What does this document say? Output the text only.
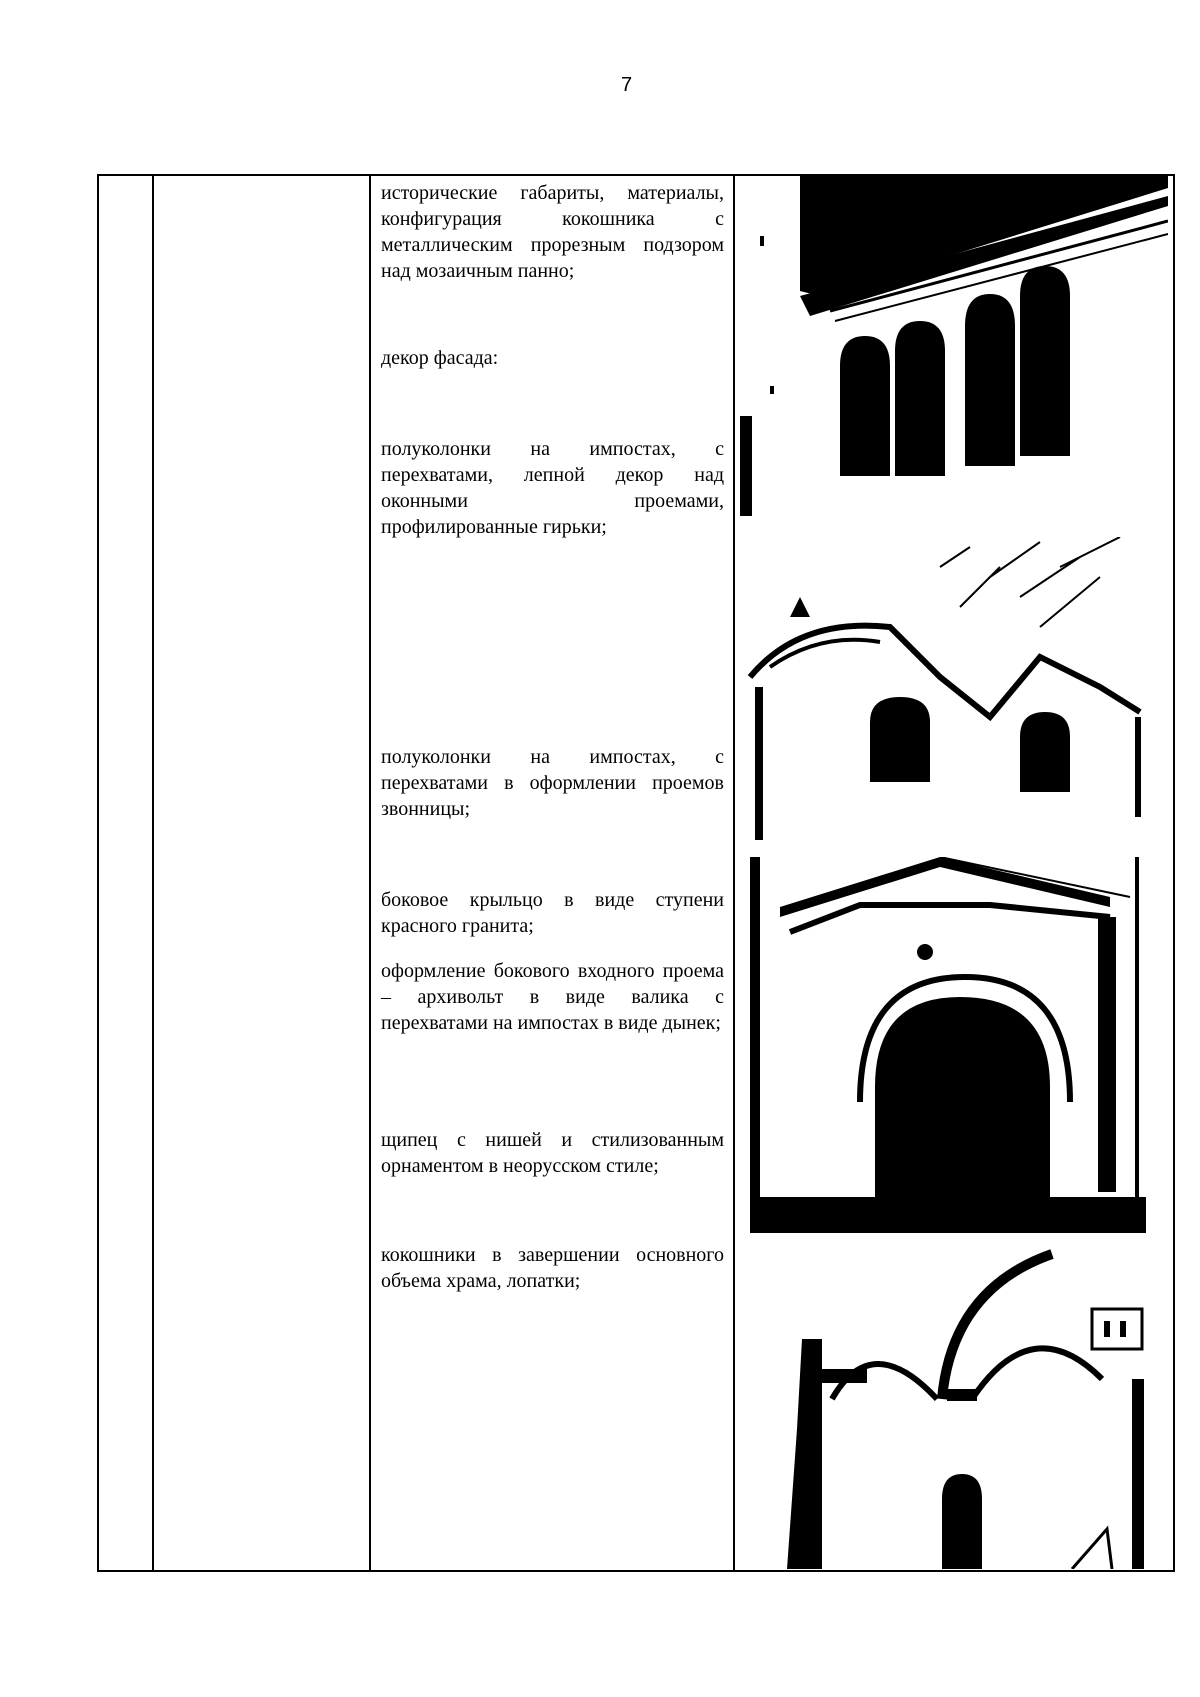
7
исторические габариты, материалы, конфигурация кокошника с металлическим прорезным подзором над мозаичным панно;
декор фасада:
полуколонки на импостах, с перехватами, лепной декор над оконными проемами, профилированные гирьки;
полуколонки на импостах, с перехватами в оформлении проемов звонницы;
боковое крыльцо в виде ступени красного гранита;
оформление бокового входного проема – архивольт в виде валика с перехватами на импостах в виде дынек;
щипец с нишей и стилизованным орнаментом в неорусском стиле;
кокошники в завершении основного объема храма, лопатки;
